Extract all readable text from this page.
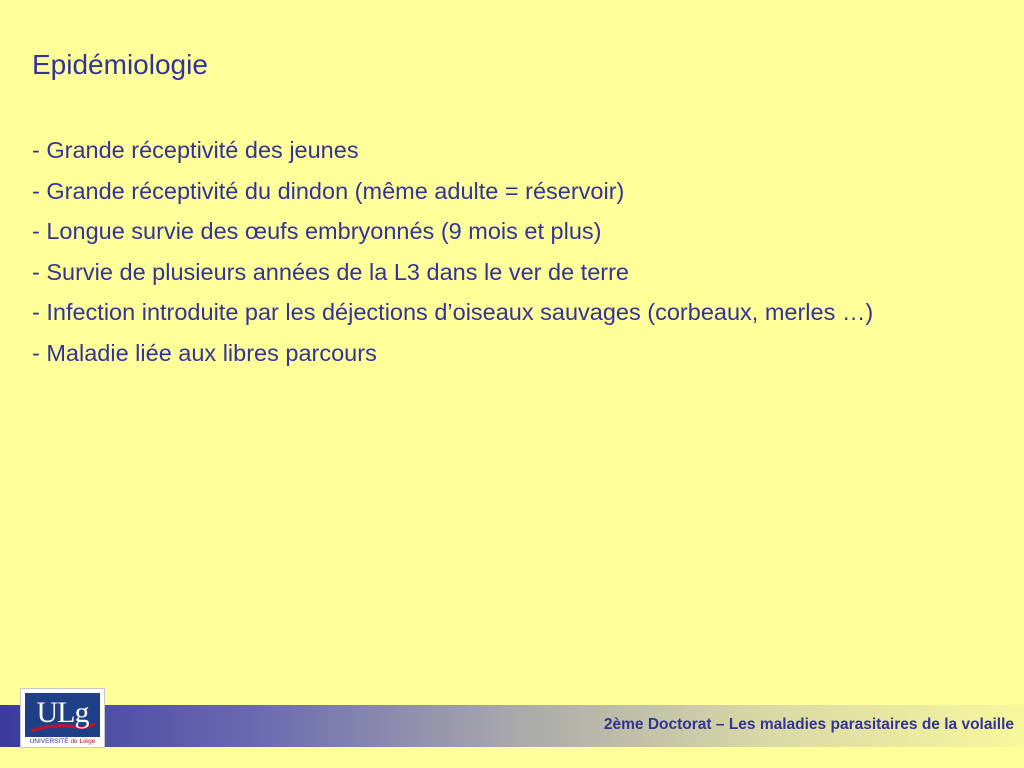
Epidémiologie
- Grande réceptivité des jeunes
- Grande réceptivité du dindon (même adulte = réservoir)
- Longue survie des œufs embryonnés (9 mois et plus)
- Survie de plusieurs années de la L3 dans le ver de terre
- Infection introduite par les déjections d’oiseaux sauvages (corbeaux, merles …)
- Maladie liée aux libres parcours
2ème Doctorat – Les maladies parasitaires de la volaille
ULg
UNIVERSITÉ de Liège
